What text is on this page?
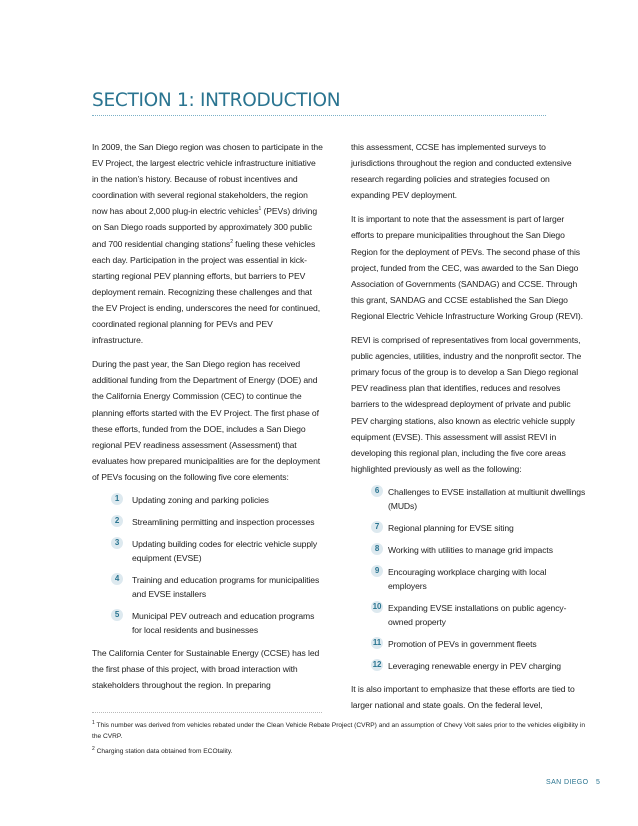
SECTION 1: INTRODUCTION

In 2009, the San Diego region was chosen to participate in the EV Project, the largest electric vehicle infrastructure initiative in the nation’s history. Because of robust incentives and coordination with several regional stakeholders, the region now has about 2,000 plug-in electric vehicles$^1$ (PEVs) driving on San Diego roads supported by approximately 300 public and 700 residential changing stations$^2$ fueling these vehicles each day. Participation in the project was essential in kick-starting regional PEV planning efforts, but barriers to PEV deployment remain. Recognizing these challenges and that the EV Project is ending, underscores the need for continued, coordinated regional planning for PEVs and PEV infrastructure.

During the past year, the San Diego region has received additional funding from the Department of Energy (DOE) and the California Energy Commission (CEC) to continue the planning efforts started with the EV Project. The first phase of these efforts, funded from the DOE, includes a San Diego regional PEV readiness assessment (Assessment) that evaluates how prepared municipalities are for the deployment of PEVs focusing on the following five core elements:

1	Updating zoning and parking policies
2	Streamlining permitting and inspection processes
3	Updating building codes for electric vehicle supply equipment (EVSE)
4	Training and education programs for municipalities and EVSE installers
5	Municipal PEV outreach and education programs for local residents and businesses

The California Center for Sustainable Energy (CCSE) has led the first phase of this project, with broad interaction with stakeholders throughout the region. In preparing

this assessment, CCSE has implemented surveys to jurisdictions throughout the region and conducted extensive research regarding policies and strategies focused on expanding PEV deployment.

It is important to note that the assessment is part of larger efforts to prepare municipalities throughout the San Diego Region for the deployment of PEVs. The second phase of this project, funded from the CEC, was awarded to the San Diego Association of Governments (SANDAG) and CCSE. Through this grant, SANDAG and CCSE established the San Diego Regional Electric Vehicle Infrastructure Working Group (REVI).

REVI is comprised of representatives from local governments, public agencies, utilities, industry and the nonprofit sector. The primary focus of the group is to develop a San Diego regional PEV readiness plan that identifies, reduces and resolves barriers to the widespread deployment of private and public PEV charging stations, also known as electric vehicle supply equipment (EVSE). This assessment will assist REVI in developing this regional plan, including the five core areas highlighted previously as well as the following:

6	Challenges to EVSE installation at multiunit dwellings (MUDs)
7	Regional planning for EVSE siting
8	Working with utilities to manage grid impacts
9	Encouraging workplace charging with local employers
10 Expanding EVSE installations on public agency-owned property
11 Promotion of PEVs in government fleets
12 Leveraging renewable energy in PEV charging

It is also important to emphasize that these efforts are tied to larger national and state goals. On the federal level,

$^1$ This number was derived from vehicles rebated under the Clean Vehicle Rebate Project (CVRP) and an assumption of Chevy Volt sales prior to the vehicles eligibility in the CVRP.

$^2$ Charging station data obtained from ECOtality.

SAN DIEGO 5
